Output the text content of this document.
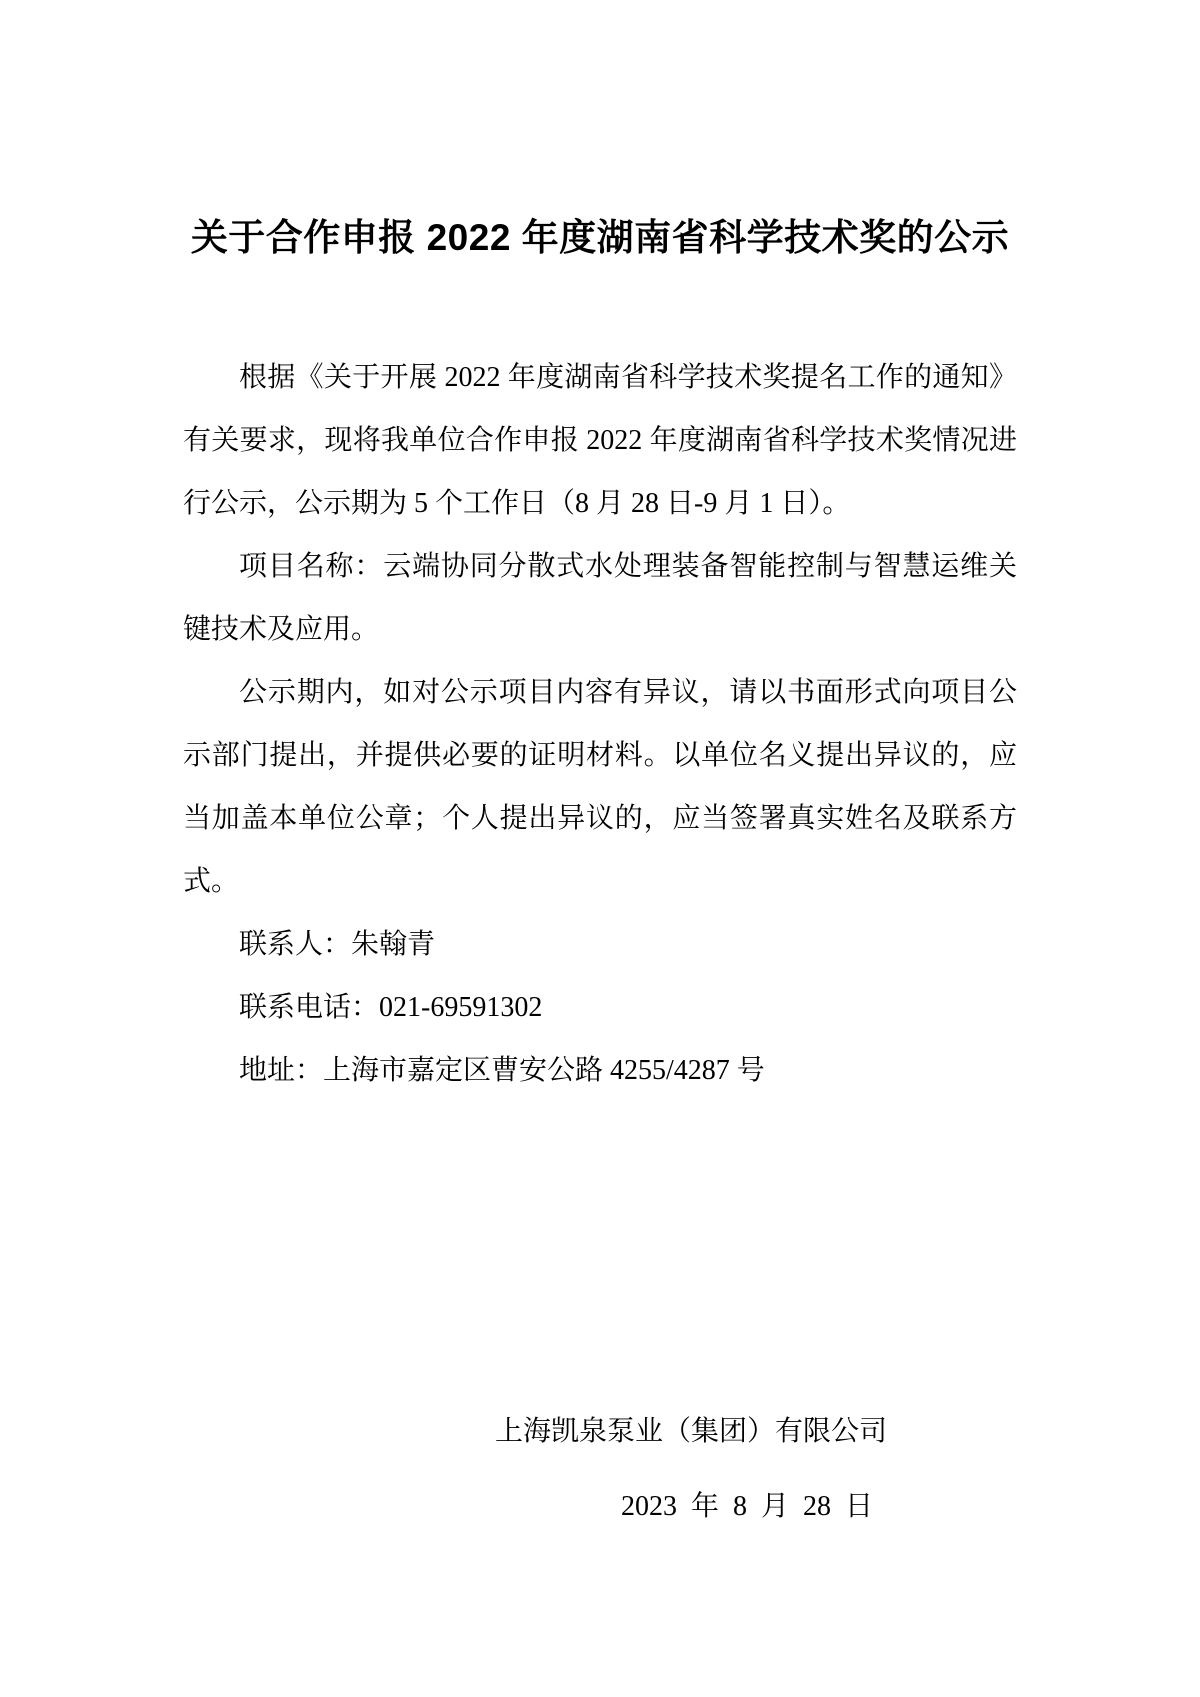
关于合作申报 2022 年度湖南省科学技术奖的公示

根据《关于开展 2022 年度湖南省科学技术奖提名工作的通知》有关要求，现将我单位合作申报 2022 年度湖南省科学技术奖情况进行公示，公示期为 5 个工作日（8 月 28 日-9 月 1 日）。

项目名称：云端协同分散式水处理装备智能控制与智慧运维关键技术及应用。

公示期内，如对公示项目内容有异议，请以书面形式向项目公示部门提出，并提供必要的证明材料。以单位名义提出异议的，应当加盖本单位公章；个人提出异议的，应当签署真实姓名及联系方式。

联系人：朱翰青

联系电话：021-69591302

地址：上海市嘉定区曹安公路 4255/4287 号

上海凯泉泵业（集团）有限公司
2023 年 8 月 28 日
